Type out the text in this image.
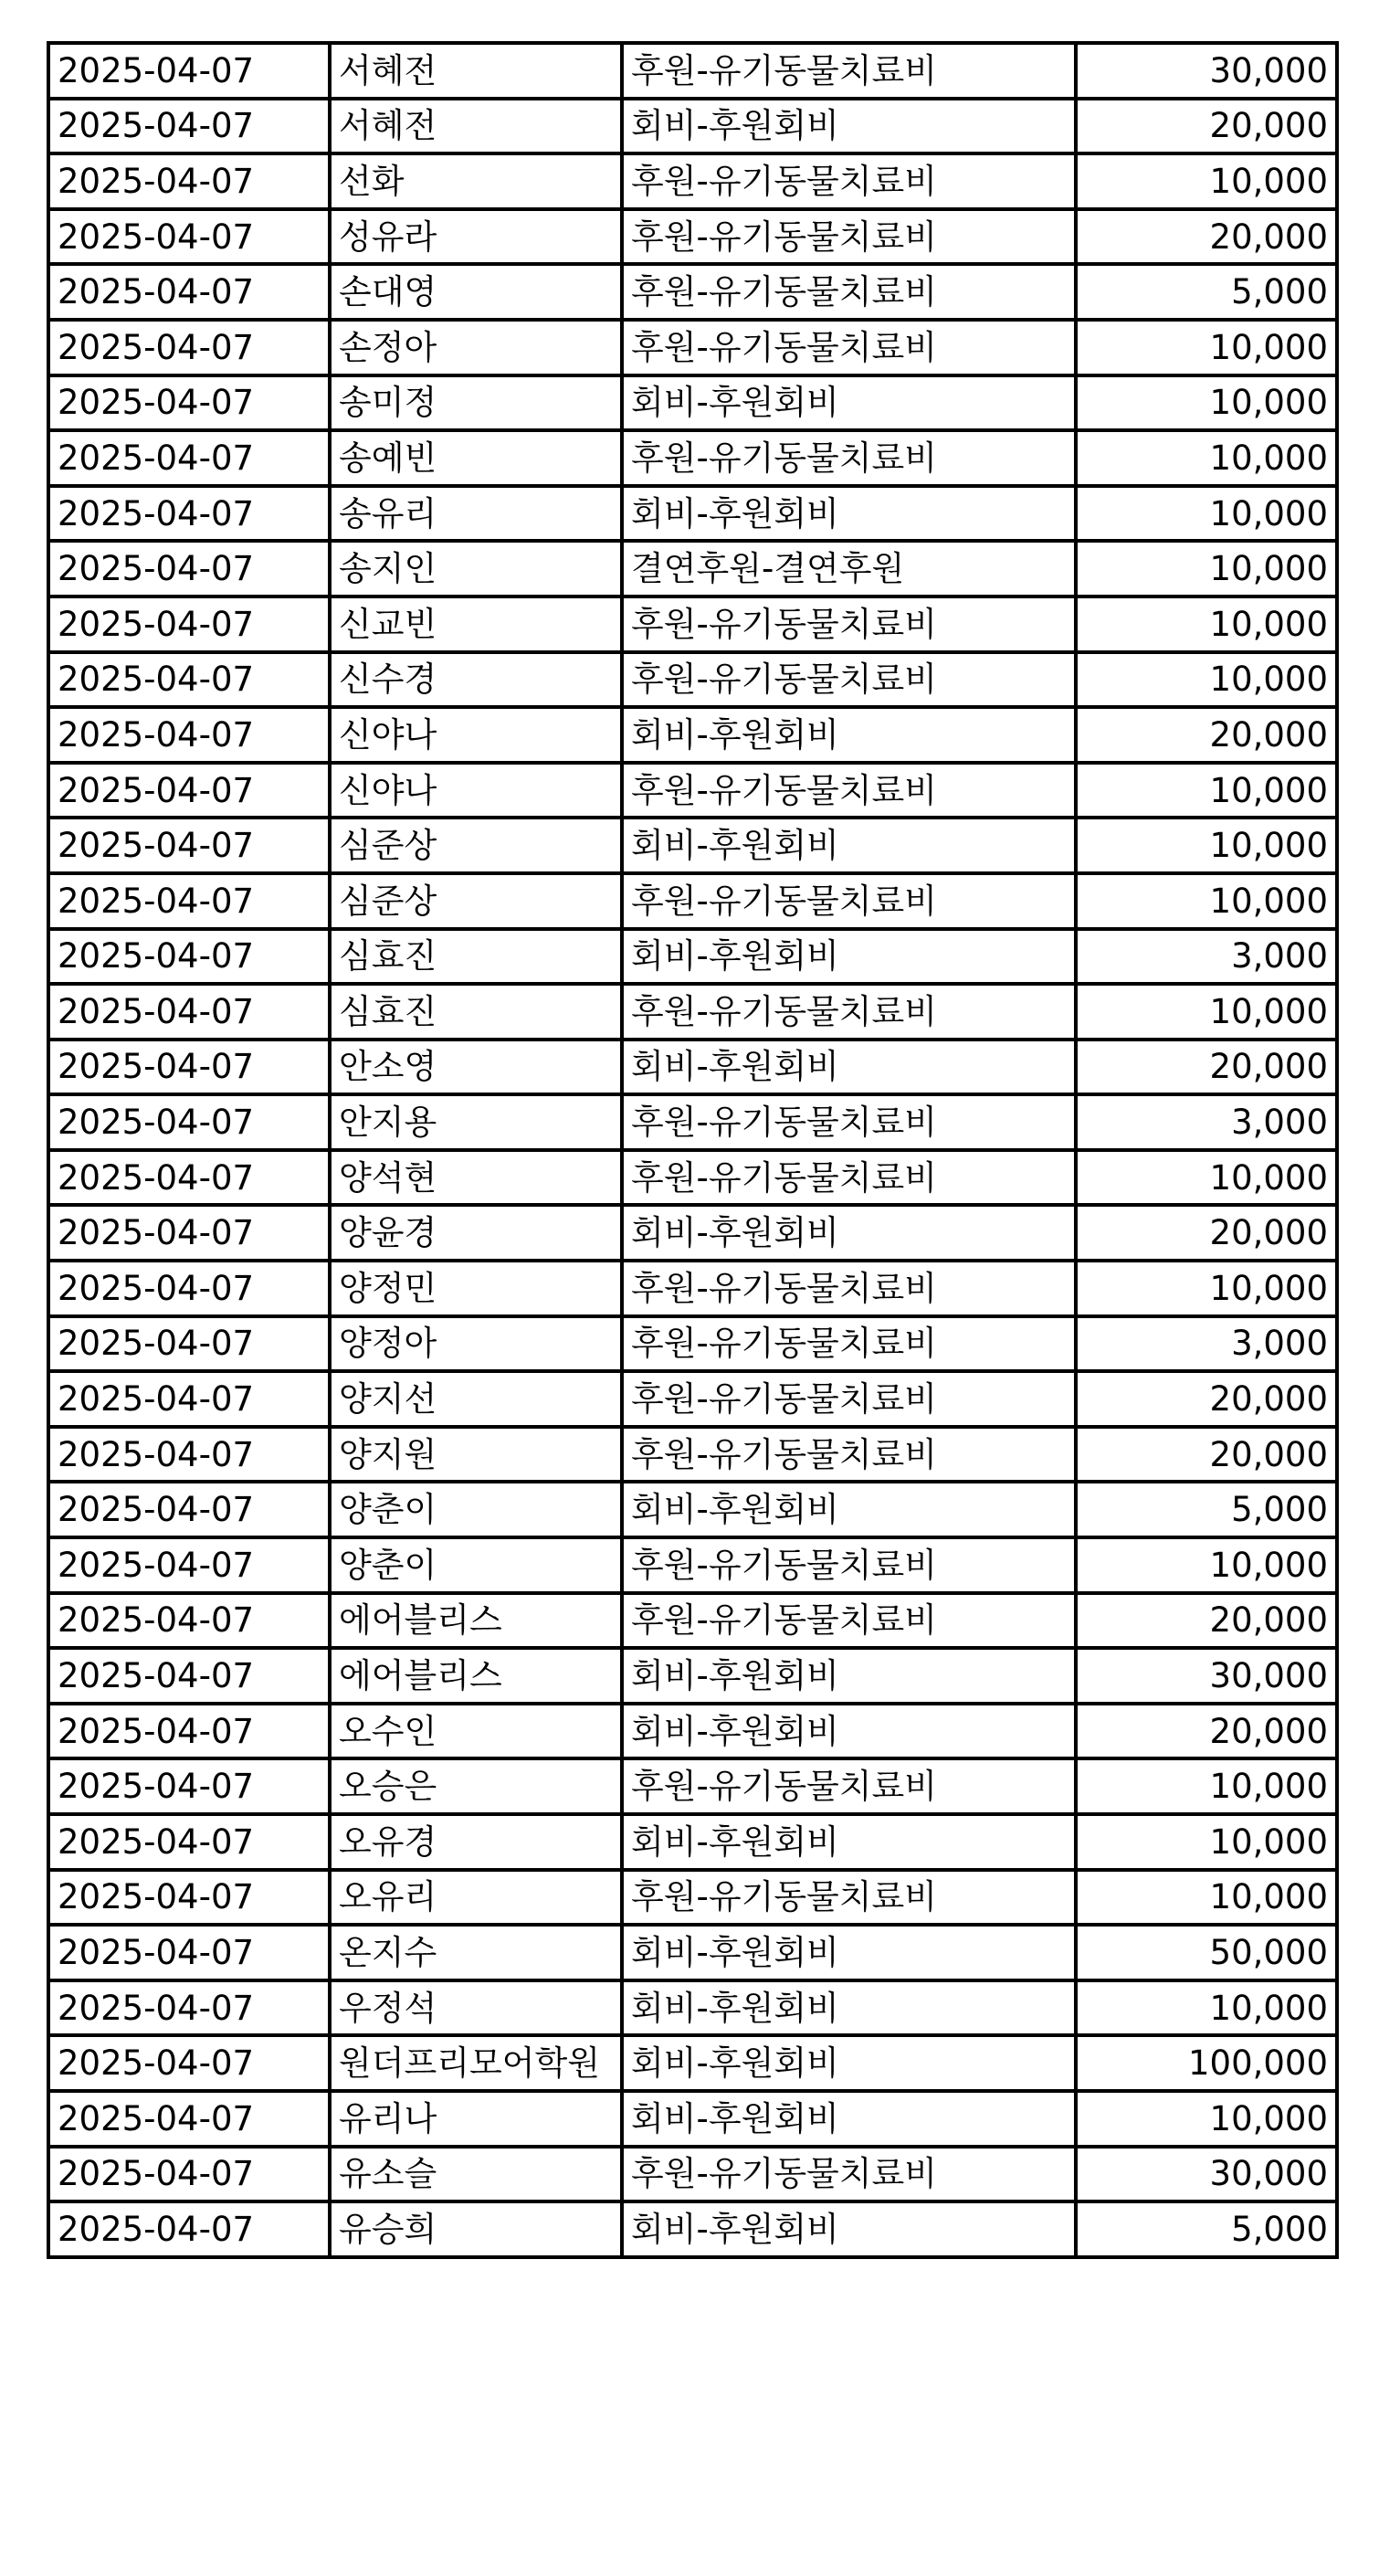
2025-04-07	서혜전	후원-유기동물치료비	30,000
2025-04-07	서혜전	회비-후원회비	20,000
2025-04-07	선화	후원-유기동물치료비	10,000
2025-04-07	성유라	후원-유기동물치료비	20,000
2025-04-07	손대영	후원-유기동물치료비	5,000
2025-04-07	손정아	후원-유기동물치료비	10,000
2025-04-07	송미정	회비-후원회비	10,000
2025-04-07	송예빈	후원-유기동물치료비	10,000
2025-04-07	송유리	회비-후원회비	10,000
2025-04-07	송지인	결연후원-결연후원	10,000
2025-04-07	신교빈	후원-유기동물치료비	10,000
2025-04-07	신수경	후원-유기동물치료비	10,000
2025-04-07	신야나	회비-후원회비	20,000
2025-04-07	신야나	후원-유기동물치료비	10,000
2025-04-07	심준상	회비-후원회비	10,000
2025-04-07	심준상	후원-유기동물치료비	10,000
2025-04-07	심효진	회비-후원회비	3,000
2025-04-07	심효진	후원-유기동물치료비	10,000
2025-04-07	안소영	회비-후원회비	20,000
2025-04-07	안지용	후원-유기동물치료비	3,000
2025-04-07	양석현	후원-유기동물치료비	10,000
2025-04-07	양윤경	회비-후원회비	20,000
2025-04-07	양정민	후원-유기동물치료비	10,000
2025-04-07	양정아	후원-유기동물치료비	3,000
2025-04-07	양지선	후원-유기동물치료비	20,000
2025-04-07	양지원	후원-유기동물치료비	20,000
2025-04-07	양춘이	회비-후원회비	5,000
2025-04-07	양춘이	후원-유기동물치료비	10,000
2025-04-07	에어블리스	후원-유기동물치료비	20,000
2025-04-07	에어블리스	회비-후원회비	30,000
2025-04-07	오수인	회비-후원회비	20,000
2025-04-07	오승은	후원-유기동물치료비	10,000
2025-04-07	오유경	회비-후원회비	10,000
2025-04-07	오유리	후원-유기동물치료비	10,000
2025-04-07	온지수	회비-후원회비	50,000
2025-04-07	우정석	회비-후원회비	10,000
2025-04-07	원더프리모어학원	회비-후원회비	100,000
2025-04-07	유리나	회비-후원회비	10,000
2025-04-07	유소슬	후원-유기동물치료비	30,000
2025-04-07	유승희	회비-후원회비	5,000
